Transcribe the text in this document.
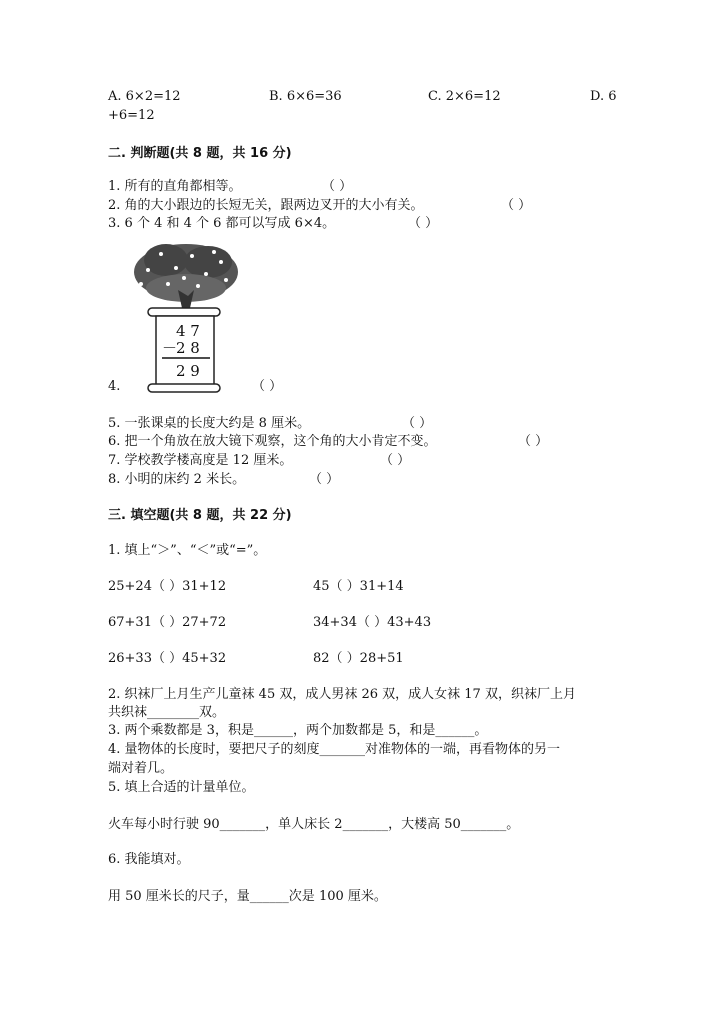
A. 6×2=12	B. 6×6=36	C. 2×6=12	D. 6
+6=12
二. 判断题(共 8 题，共 16 分)
1. 所有的直角都相等。	（ ）
2. 角的大小跟边的长短无关，跟两边叉开的大小有关。	（ ）
3. 6 个 4 和 4 个 6 都可以写成 6×4。	（ ）
4 7
－
2 8
2 9
4.	（ ）
5. 一张课桌的长度大约是 8 厘米。	（ ）
6. 把一个角放在放大镜下观察，这个角的大小肯定不变。	（ ）
7. 学校教学楼高度是 12 厘米。	（ ）
8. 小明的床约 2 米长。	（ ）
三. 填空题(共 8 题，共 22 分)
1. 填上“＞”、“＜”或“=”。
25+24（ ）31+12	45（ ）31+14
67+31（ ）27+72	34+34（ ）43+43
26+33（ ）45+32	82（ ）28+51
2. 织袜厂上月生产儿童袜 45 双，成人男袜 26 双，成人女袜 17 双，织袜厂上月
共织袜________双。
3. 两个乘数都是 3，积是______，两个加数都是 5，和是______。
4. 量物体的长度时，要把尺子的刻度_______对准物体的一端，再看物体的另一
端对着几。
5. 填上合适的计量单位。
火车每小时行驶 90_______，单人床长 2_______，大楼高 50_______。
6. 我能填对。
用 50 厘米长的尺子，量______次是 100 厘米。
